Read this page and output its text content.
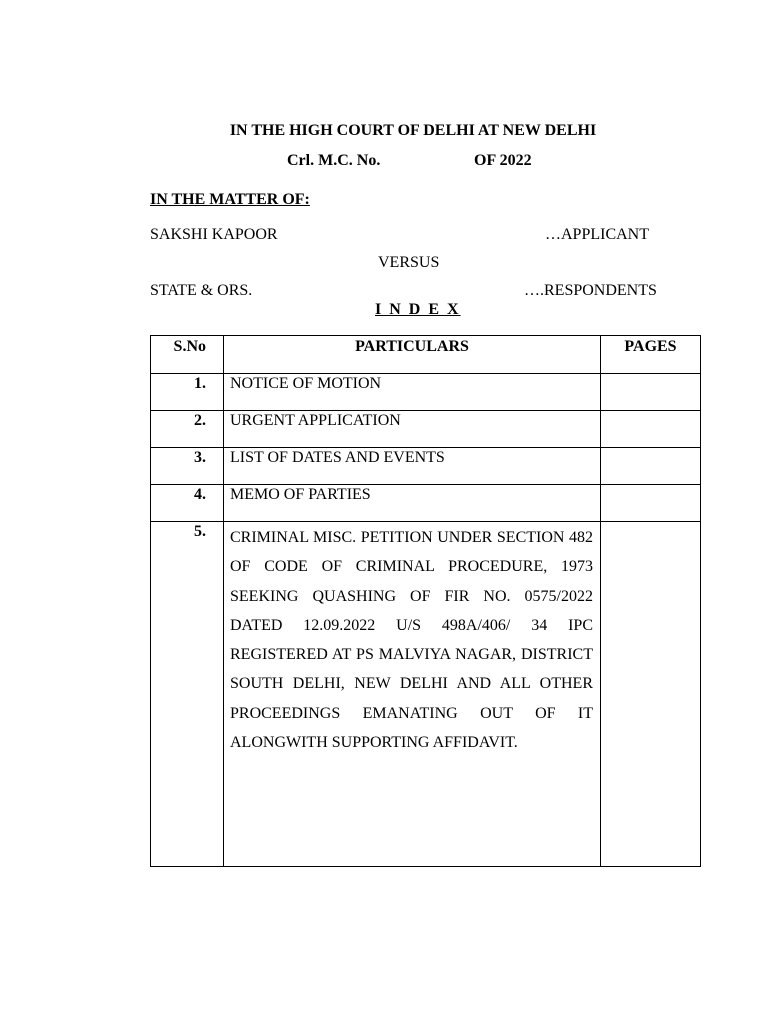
IN THE HIGH COURT OF DELHI AT NEW DELHI
Crl. M.C. No.	OF 2022
IN THE MATTER OF:
SAKSHI KAPOOR	…APPLICANT
VERSUS
STATE & ORS.	….RESPONDENTS
I N D E X
S.No	PARTICULARS	PAGES

1.	NOTICE OF MOTION	

2.	URGENT APPLICATION	

3.	LIST OF DATES AND EVENTS	

4.	MEMO OF PARTIES	

5.	CRIMINAL MISC. PETITION UNDER SECTION 482 OF CODE OF CRIMINAL PROCEDURE, 1973 SEEKING QUASHING OF FIR NO. 0575/2022 DATED 12.09.2022 U/S 498A/406/ 34 IPC REGISTERED AT PS MALVIYA NAGAR, DISTRICT SOUTH DELHI, NEW DELHI AND ALL OTHER PROCEEDINGS EMANATING OUT OF IT ALONGWITH SUPPORTING AFFIDAVIT.	
